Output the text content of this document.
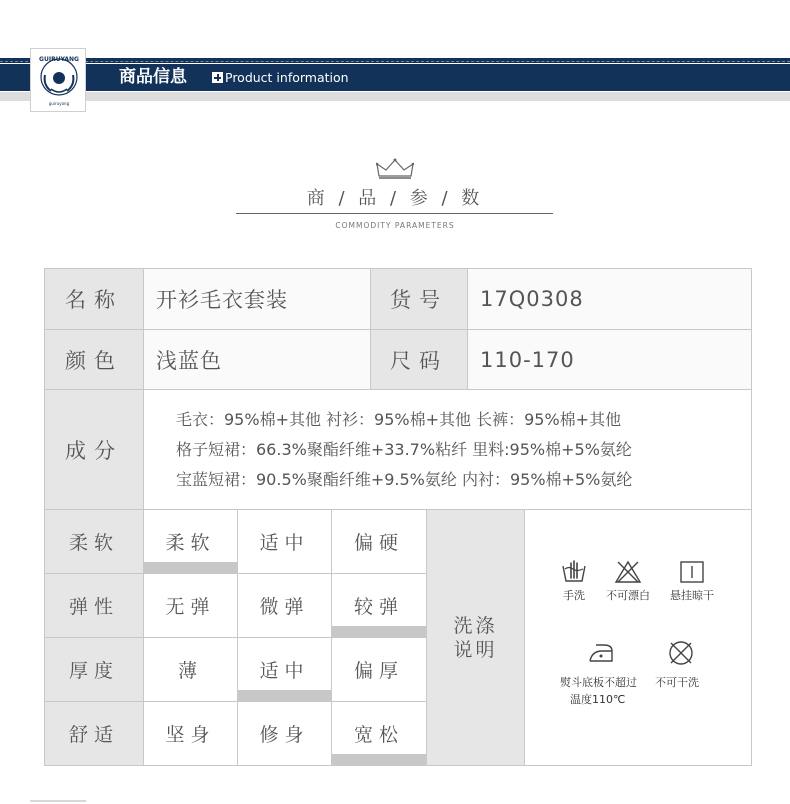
GUIRUYANG
guiruyang
商品信息	Product information
商 / 品 / 参 / 数
COMMODITY PARAMETERS
名称	开衫毛衣套装	货号	17Q0308
颜色	浅蓝色	尺码	110-170
成分	毛衣：95%棉+其他 衬衫：95%棉+其他 长裤：95%棉+其他
格子短裙：66.3%聚酯纤维+33.7%粘纤 里料:95%棉+5%氨纶
宝蓝短裙：90.5%聚酯纤维+9.5%氨纶 内衬：95%棉+5%氨纶		
柔软	柔软	适中	偏硬	洗涤说明	

弹性	无弹	微弹	较弹		

厚度	薄	适中	偏厚		
舒适	坚身	修身	宽松		
手洗	不可漂白	悬挂晾干
熨斗底板不超过
温度110℃
不可干洗
